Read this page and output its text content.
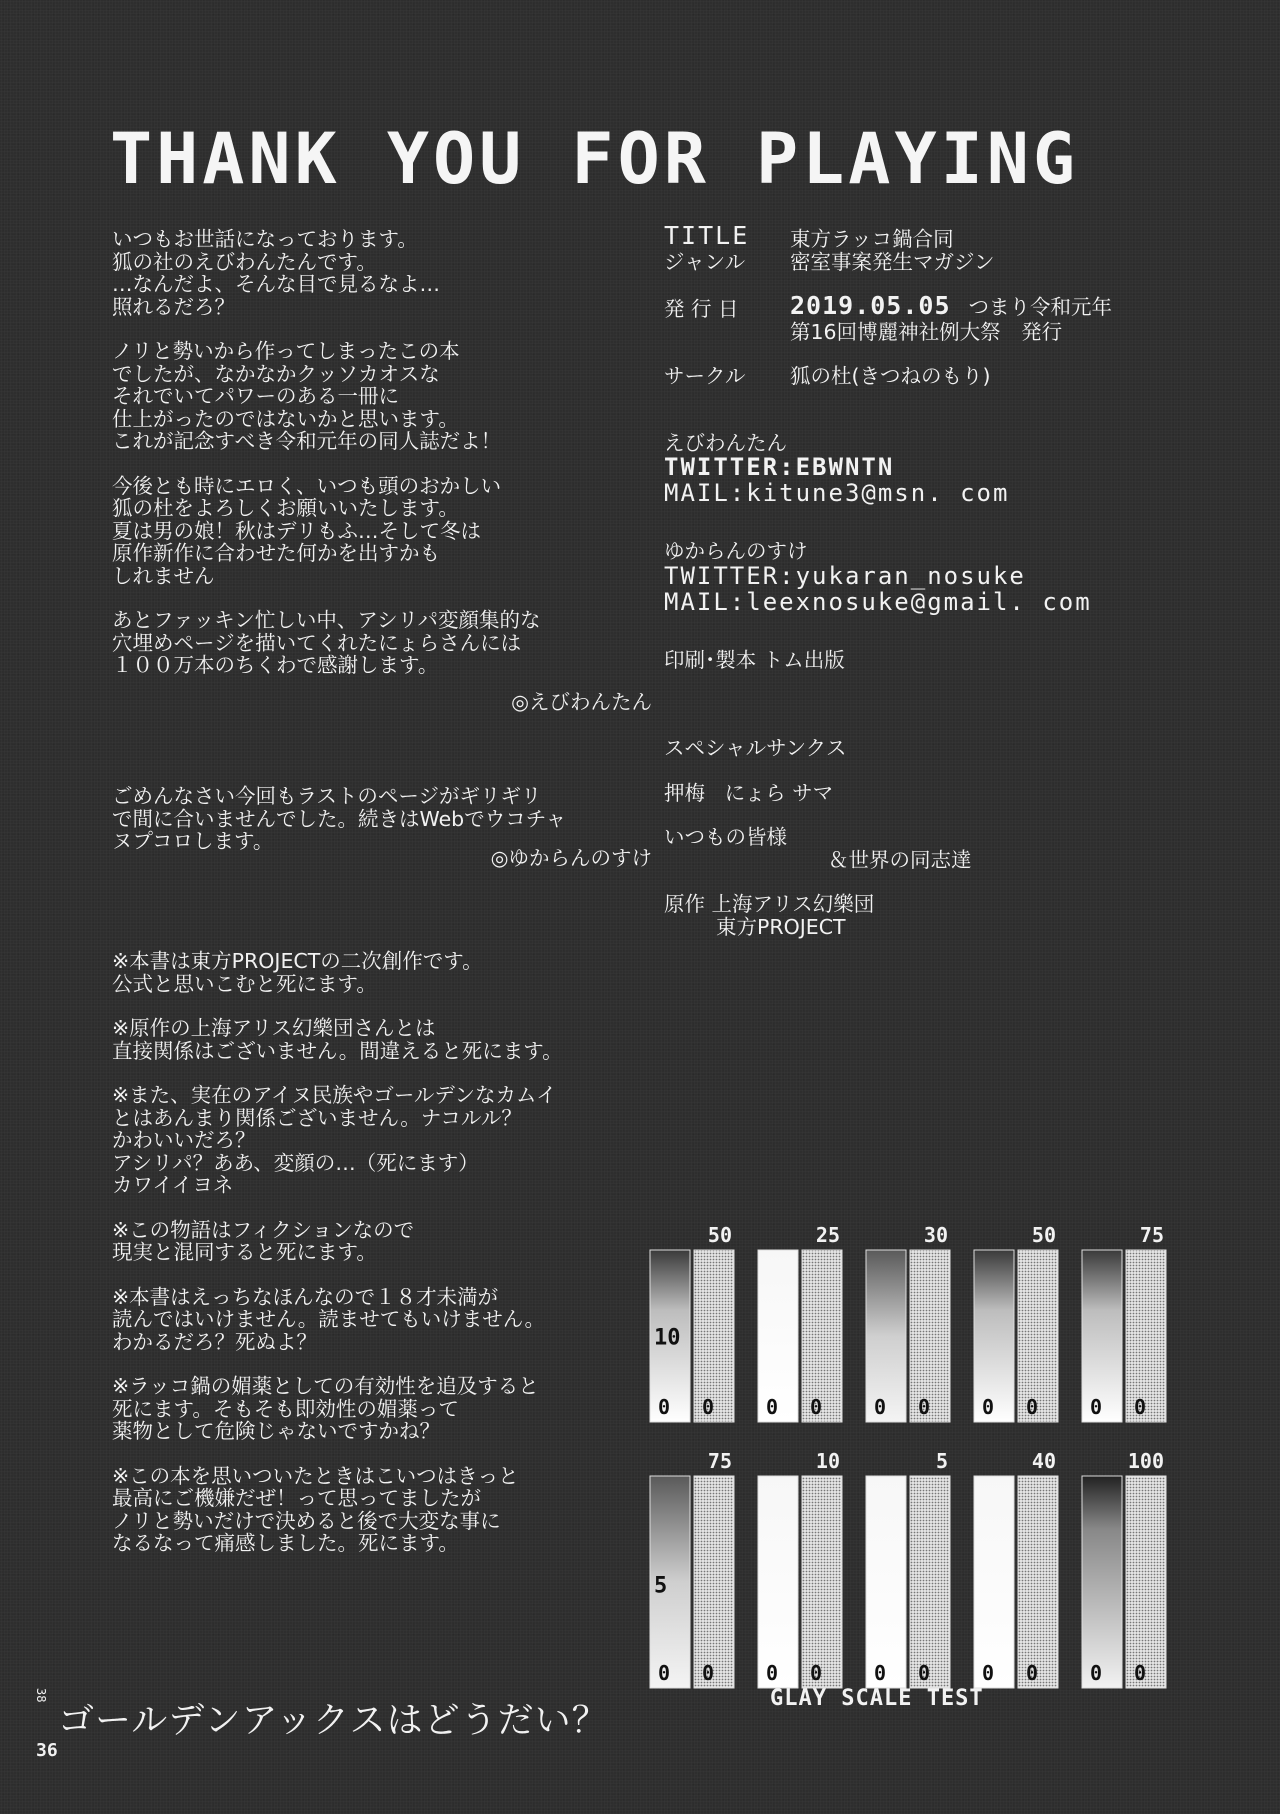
THANK YOU FOR PLAYING

いつもお世話になっております。
狐の社のえびわんたんです。
…なんだよ、そんな目で見るなよ…
照れるだろ？

ノリと勢いから作ってしまったこの本
でしたが、なかなかクッソカオスな
それでいてパワーのある一冊に
仕上がったのではないかと思います。
これが記念すべき令和元年の同人誌だよ！

今後とも時にエロく、いつも頭のおかしい
狐の杜をよろしくお願いいたします。
夏は男の娘！秋はデリもふ…そして冬は
原作新作に合わせた何かを出すかも
しれません

あとファッキン忙しい中、アシリパ変顔集的な
穴埋めページを描いてくれたにょらさんには
１００万本のちくわで感謝します。

◎えびわんたん

ごめんなさい今回もラストのページがギリギリ
で間に合いませんでした。続きはWebでウコチャ
ヌプコロします。

◎ゆからんのすけ

※本書は東方PROJECTの二次創作です。
公式と思いこむと死にます。

※原作の上海アリス幻樂団さんとは
直接関係はございません。間違えると死にます。

※また、実在のアイヌ民族やゴールデンなカムイ
とはあんまり関係ございません。ナコルル？
かわいいだろ？
アシリパ？ああ、変顔の…（死にます）
カワイイヨネ

※この物語はフィクションなので
現実と混同すると死にます。

※本書はえっちなほんなので１８才未満が
読んではいけません。読ませてもいけません。
わかるだろ？死ぬよ？

※ラッコ鍋の媚薬としての有効性を追及すると
死にます。そもそも即効性の媚薬って
薬物として危険じゃないですかね？

※この本を思いついたときはこいつはきっと
最高にご機嫌だぜ！って思ってましたが
ノリと勢いだけで決めると後で大変な事に
なるなって痛感しました。死にます。

TITLE	東方ラッコ鍋合同
ジャンル	密室事案発生マガジン
発 行 日	2019.05.05 つまり令和元年
第16回博麗神社例大祭　発行
サークル	狐の杜(きつねのもり)
えびわんたん
TWITTER:EBWNTN
MAIL:kitune3@msn. com
ゆからんのすけ
TWITTER:yukaran_nosuke
MAIL:leexnosuke@gmail. com
印刷･製本
トム出版
スペシャルサンクス
押梅 にょら サマ
いつもの皆様
＆世界の同志達
原作
上海アリス幻樂団
東方PROJECT
50
0 0
25
0 0
30
0 0
50
0 0
75
0 0
10
75
0 0
10
0 0
5
0 0
40
0 0
100
0 0
5
GLAY SCALE TEST
ゴールデンアックスはどうだい？
38
36
